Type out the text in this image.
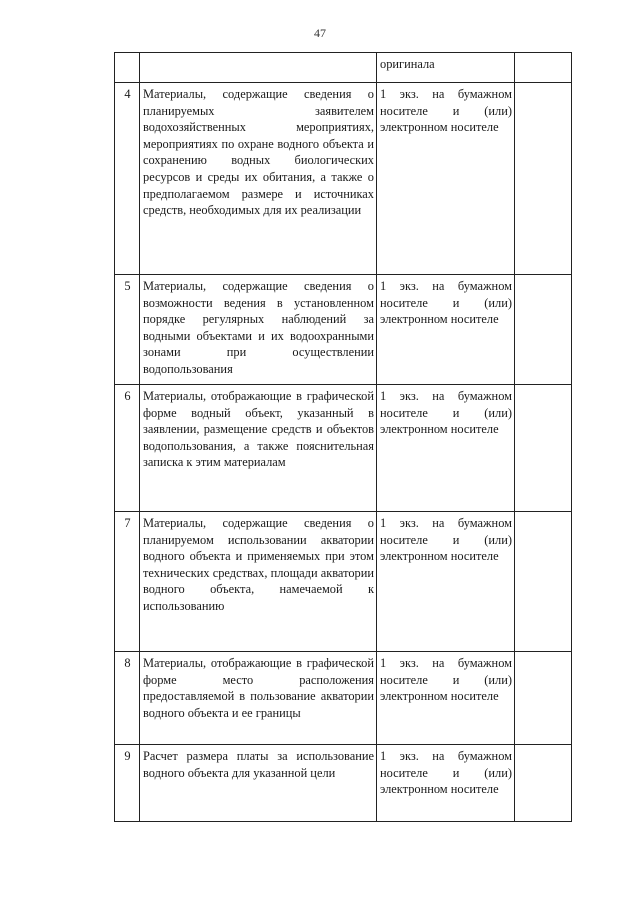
47
		оригинала	
4	Материалы, содержащие сведения о планируемых заявителем водохозяйственных мероприятиях, мероприятиях по охране водного объекта и сохранению водных биологических ресурсов и среды их обитания, а также о предполагаемом размере и источниках средств, необходимых для их реализации	1 экз. на бумажном носителе и (или) электронном носителе	
5	Материалы, содержащие сведения о возможности ведения в установленном порядке регулярных наблюдений за водными объектами и их водоохранными зонами при осуществлении водопользования	1 экз. на бумажном носителе и (или) электронном носителе	
6	Материалы, отображающие в графической форме водный объект, указанный в заявлении, размещение средств и объектов водопользования, а также пояснительная записка к этим материалам	1 экз. на бумажном носителе и (или) электронном носителе	
7	Материалы, содержащие сведения о планируемом использовании акватории водного объекта и применяемых при этом технических средствах, площади акватории водного объекта, намечаемой к использованию	1 экз. на бумажном носителе и (или) электронном носителе	
8	Материалы, отображающие в графической форме место расположения предоставляемой в пользование акватории водного объекта и ее границы	1 экз. на бумажном носителе и (или) электронном носителе	
9	Расчет размера платы за использование водного объекта для указанной цели	1 экз. на бумажном носителе и (или) электронном носителе	
